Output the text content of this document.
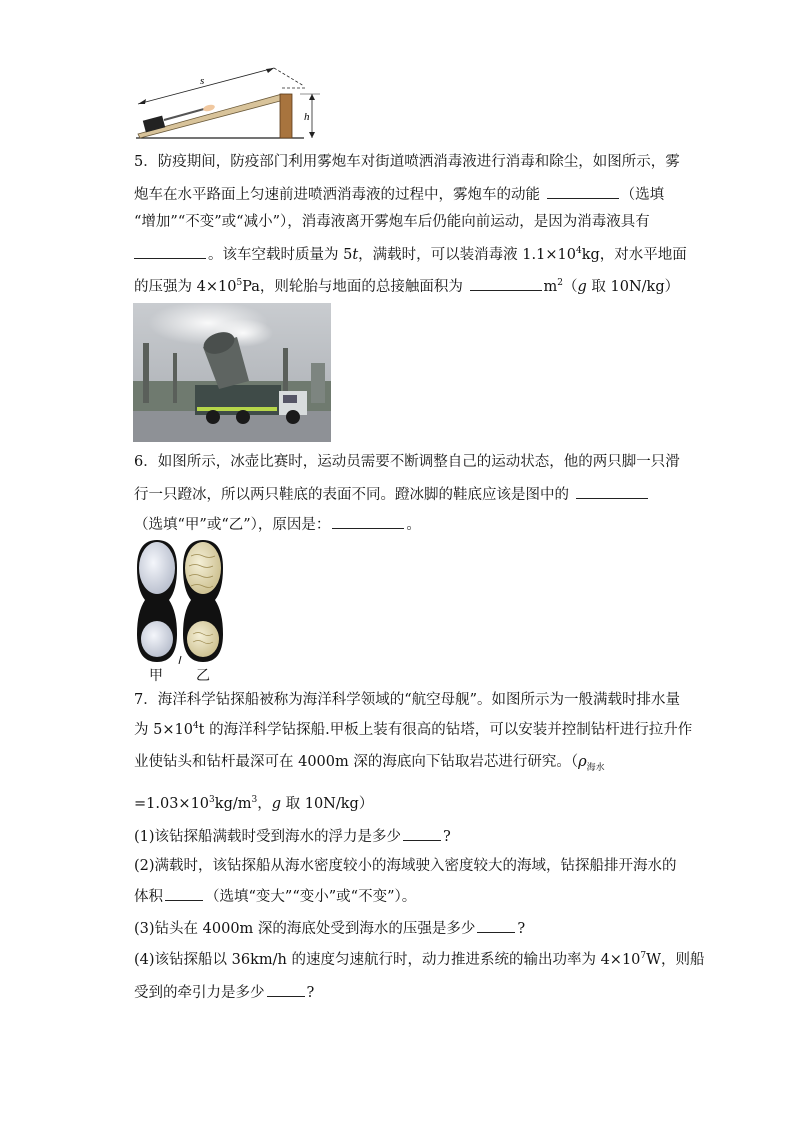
s
h
5．防疫期间，防疫部门利用雾炮车对街道喷洒消毒液进行消毒和除尘，如图所示，雾
炮车在水平路面上匀速前进喷洒消毒液的过程中，雾炮车的动能	（选填
“增加”“不变”或“减小”），消毒液离开雾炮车后仍能向前运动，是因为消毒液具有
。该车空载时质量为 5t，满载时，可以装消毒液 $1.1\times 10^4kg$，对水平地面
的压强为 $4\times 10^5Pa$，则轮胎与地面的总接触面积为	$m^2(g$ 取 10N/kg）
6．如图所示，冰壶比赛时，运动员需要不断调整自己的运动状态，他的两只脚一只滑
行一只蹬冰，所以两只鞋底的表面不同。蹬冰脚的鞋底应该是图中的
（选填“甲”或“乙”），原因是：	。
甲 乙
7．海洋科学钻探船被称为海洋科学领域的“航空母舰”。如图所示为一般满载时排水量
为 $5\times 10^4t$ 的海洋科学钻探船.甲板上装有很高的钻塔，可以安装并控制钻杆进行拉升作
业使钻头和钻杆最深可在 4000m 深的海底向下钻取岩芯进行研究。（$\rho_{海水}$
$=1.03\times 10^3kg/m^3$，g 取 10N/kg）
(1)该钻探船满载时受到海水的浮力是多少	?
(2)满载时，该钻探船从海水密度较小的海域驶入密度较大的海域，钻探船排开海水的
体积	（选填“变大”“变小”或“不变”）。
(3)钻头在 4000m 深的海底处受到海水的压强是多少	?
(4)该钻探船以 36km/h 的速度匀速航行时，动力推进系统的输出功率为 $4\times 10^7W$，则船
受到的牵引力是多少	?
